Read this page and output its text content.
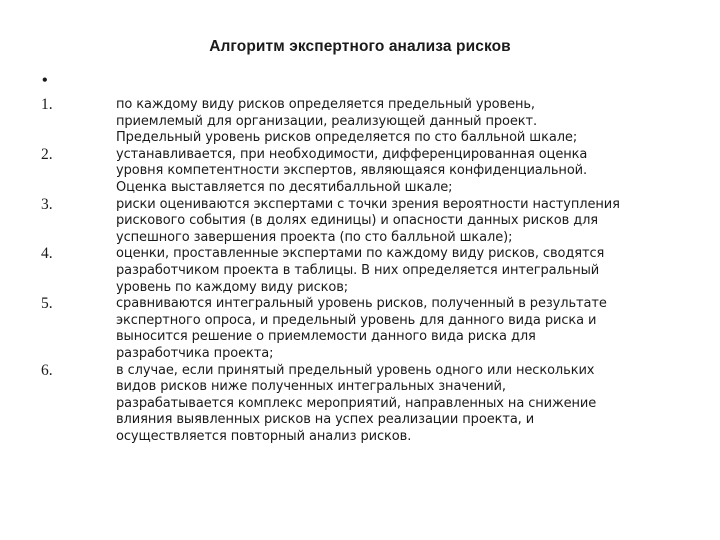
Алгоритм экспертного анализа рисков
•
1.	по каждому виду рисков определяется предельный уровень,
приемлемый для организации, реализующей данный проект.
Предельный уровень рисков определяется по сто балльной шкале;
2.	устанавливается, при необходимости, дифференцированная оценка
уровня компетентности экспертов, являющаяся конфиденциальной.
Оценка выставляется по десятибалльной шкале;
3.	риски оцениваются экспертами с точки зрения вероятности наступления
рискового события (в долях единицы) и опасности данных рисков для
успешного завершения проекта (по сто балльной шкале);
4.	оценки, проставленные экспертами по каждому виду рисков, сводятся
разработчиком проекта в таблицы. В них определяется интегральный
уровень по каждому виду рисков;
5.	сравниваются интегральный уровень рисков, полученный в результате
экспертного опроса, и предельный уровень для данного вида риска и
выносится решение о приемлемости данного вида риска для
разработчика проекта;
6.	в случае, если принятый предельный уровень одного или нескольких
видов рисков ниже полученных интегральных значений,
разрабатывается комплекс мероприятий, направленных на снижение
влияния выявленных рисков на успех реализации проекта, и
осуществляется повторный анализ рисков.
